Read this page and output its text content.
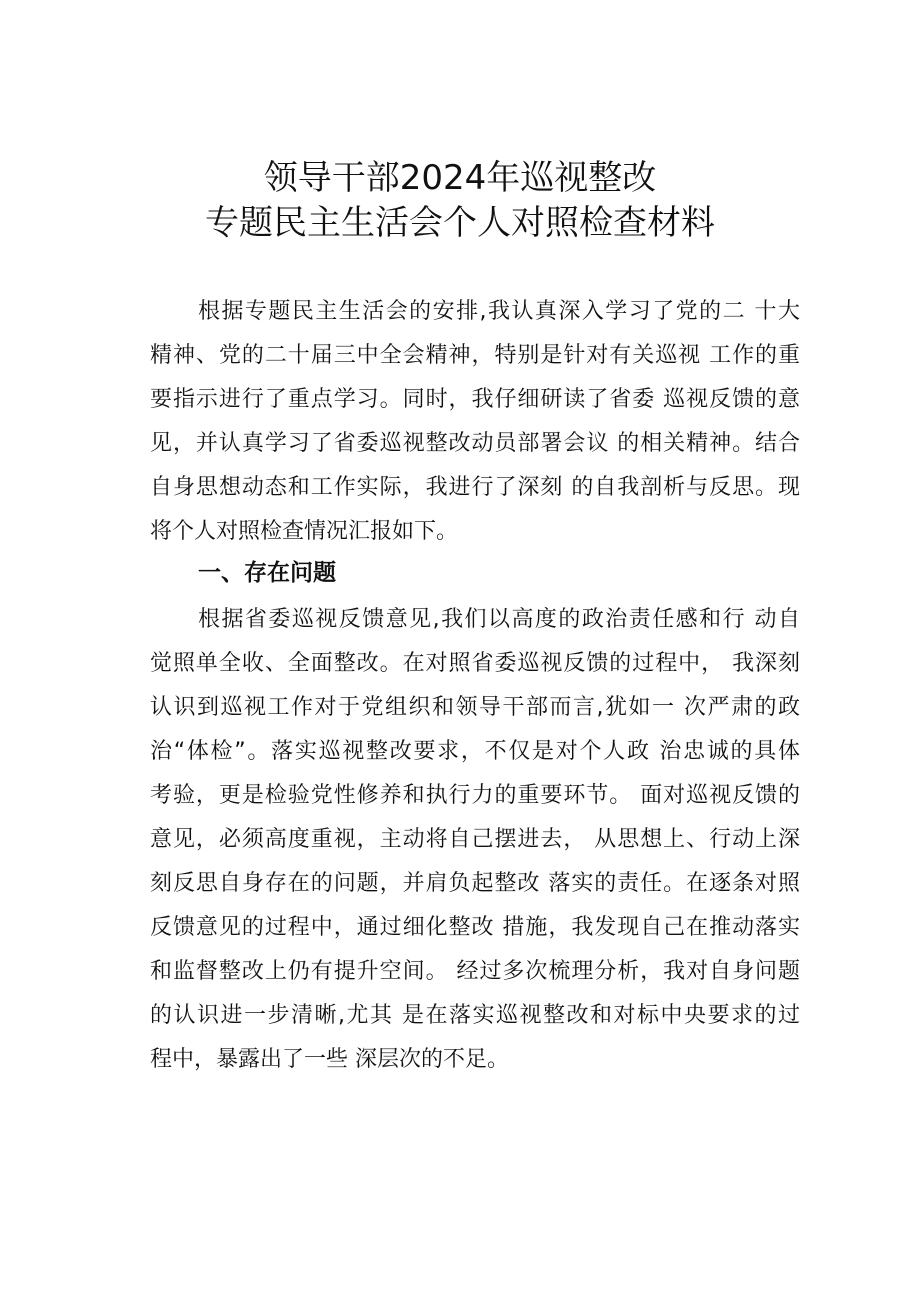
领导干部2024年巡视整改
专题民主生活会个人对照检查材料
根据专题民主生活会的安排,我认真深入学习了党的二 十大
精神、党的二十届三中全会精神，特别是针对有关巡视 工作的重
要指示进行了重点学习。同时，我仔细研读了省委 巡视反馈的意
见，并认真学习了省委巡视整改动员部署会议 的相关精神。结合
自身思想动态和工作实际，我进行了深刻 的自我剖析与反思。现
将个人对照检查情况汇报如下。
一、存在问题
根据省委巡视反馈意见,我们以高度的政治责任感和行 动自
觉照单全收、全面整改。在对照省委巡视反馈的过程中， 我深刻
认识到巡视工作对于党组织和领导干部而言,犹如一 次严肃的政
治“体检”。落实巡视整改要求，不仅是对个人政 治忠诚的具体
考验，更是检验党性修养和执行力的重要环节。 面对巡视反馈的
意见，必须高度重视，主动将自己摆进去， 从思想上、行动上深
刻反思自身存在的问题，并肩负起整改 落实的责任。在逐条对照
反馈意见的过程中，通过细化整改 措施，我发现自己在推动落实
和监督整改上仍有提升空间。 经过多次梳理分析，我对自身问题
的认识进一步清晰,尤其 是在落实巡视整改和对标中央要求的过
程中，暴露出了一些 深层次的不足。
